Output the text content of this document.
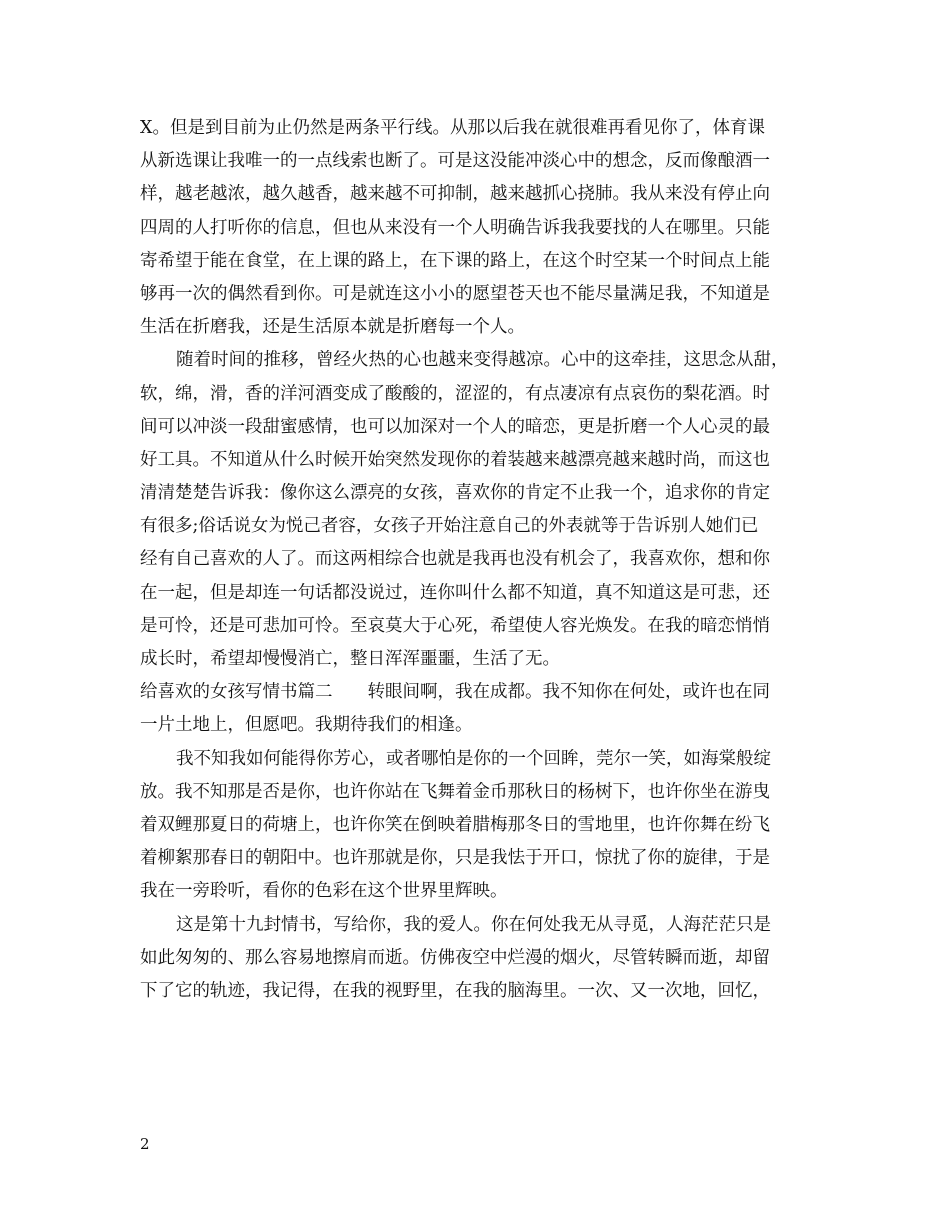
X。但是到目前为止仍然是两条平行线。从那以后我在就很难再看见你了，体育课
从新选课让我唯一的一点线索也断了。可是这没能冲淡心中的想念，反而像酿酒一
样，越老越浓，越久越香，越来越不可抑制，越来越抓心挠肺。我从来没有停止向
四周的人打听你的信息，但也从来没有一个人明确告诉我我要找的人在哪里。只能
寄希望于能在食堂，在上课的路上，在下课的路上，在这个时空某一个时间点上能
够再一次的偶然看到你。可是就连这小小的愿望苍天也不能尽量满足我，不知道是
生活在折磨我，还是生活原本就是折磨每一个人。
随着时间的推移，曾经火热的心也越来变得越凉。心中的这牵挂，这思念从甜，
软，绵，滑，香的洋河酒变成了酸酸的，涩涩的，有点凄凉有点哀伤的梨花酒。时
间可以冲淡一段甜蜜感情，也可以加深对一个人的暗恋，更是折磨一个人心灵的最
好工具。不知道从什么时候开始突然发现你的着装越来越漂亮越来越时尚，而这也
清清楚楚告诉我：像你这么漂亮的女孩，喜欢你的肯定不止我一个，追求你的肯定
有很多;俗话说女为悦己者容，女孩子开始注意自己的外表就等于告诉别人她们已
经有自己喜欢的人了。而这两相综合也就是我再也没有机会了，我喜欢你，想和你
在一起，但是却连一句话都没说过，连你叫什么都不知道，真不知道这是可悲，还
是可怜，还是可悲加可怜。至哀莫大于心死，希望使人容光焕发。在我的暗恋悄悄
成长时，希望却慢慢消亡，整日浑浑噩噩，生活了无。
给喜欢的女孩写情书篇二　　转眼间啊，我在成都。我不知你在何处，或许也在同
一片土地上，但愿吧。我期待我们的相逢。
我不知我如何能得你芳心，或者哪怕是你的一个回眸，莞尔一笑，如海棠般绽
放。我不知那是否是你，也许你站在飞舞着金币那秋日的杨树下，也许你坐在游曳
着双鲤那夏日的荷塘上，也许你笑在倒映着腊梅那冬日的雪地里，也许你舞在纷飞
着柳絮那春日的朝阳中。也许那就是你，只是我怯于开口，惊扰了你的旋律，于是
我在一旁聆听，看你的色彩在这个世界里辉映。
这是第十九封情书，写给你，我的爱人。你在何处我无从寻觅，人海茫茫只是
如此匆匆的、那么容易地擦肩而逝。仿佛夜空中烂漫的烟火，尽管转瞬而逝，却留
下了它的轨迹，我记得，在我的视野里，在我的脑海里。一次、又一次地，回忆，
2
